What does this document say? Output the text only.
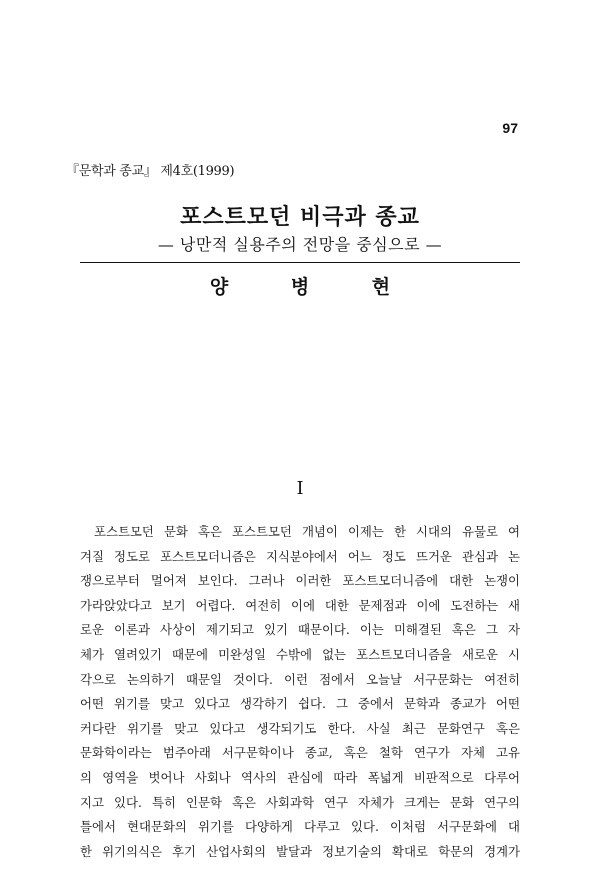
97
『문학과 종교』 제4호(1999)
포스트모던 비극과 종교
— 낭만적 실용주의 전망을 중심으로 —
양 병 현
I
포스트모던 문화 혹은 포스트모던 개념이 이제는 한 시대의 유물로 여
겨질 정도로 포스트모더니즘은 지식분야에서 어느 정도 뜨거운 관심과 논
쟁으로부터 멀어져 보인다. 그러나 이러한 포스트모더니즘에 대한 논쟁이
가라앉았다고 보기 어렵다. 여전히 이에 대한 문제점과 이에 도전하는 새
로운 이론과 사상이 제기되고 있기 때문이다. 이는 미해결된 혹은 그 자
체가 열려있기 때문에 미완성일 수밖에 없는 포스트모더니즘을 새로운 시
각으로 논의하기 때문일 것이다. 이런 점에서 오늘날 서구문화는 여전히
어떤 위기를 맞고 있다고 생각하기 쉽다. 그 중에서 문학과 종교가 어떤
커다란 위기를 맞고 있다고 생각되기도 한다. 사실 최근 문화연구 혹은
문화학이라는 범주아래 서구문학이나 종교, 혹은 철학 연구가 자체 고유
의 영역을 벗어나 사회나 역사의 관심에 따라 폭넓게 비판적으로 다루어
지고 있다. 특히 인문학 혹은 사회과학 연구 자체가 크게는 문화 연구의
틀에서 현대문화의 위기를 다양하게 다루고 있다. 이처럼 서구문화에 대
한 위기의식은 후기 산업사회의 발달과 정보기술의 확대로 학문의 경계가
